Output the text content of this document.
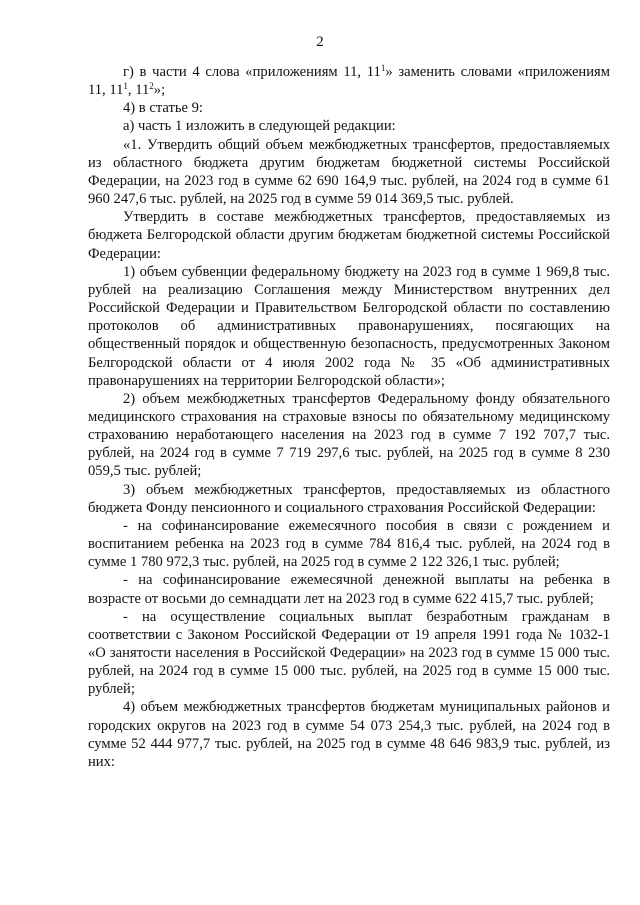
2

г) в части 4 слова «приложениям 11, $11^1$» заменить словами «приложениям 11, $11^1$, $11^2$»;

4) в статье 9:

а) часть 1 изложить в следующей редакции:

«1. Утвердить общий объем межбюджетных трансфертов, предоставляемых из областного бюджета другим бюджетам бюджетной системы Российской Федерации, на 2023 год в сумме 62 690 164,9 тыс. рублей, на 2024 год в сумме 61 960 247,6 тыс. рублей, на 2025 год в сумме 59 014 369,5 тыс. рублей.

Утвердить в составе межбюджетных трансфертов, предоставляемых из бюджета Белгородской области другим бюджетам бюджетной системы Российской Федерации:

1) объем субвенции федеральному бюджету на 2023 год в сумме 1 969,8 тыс. рублей на реализацию Соглашения между Министерством внутренних дел Российской Федерации и Правительством Белгородской области по составлению протоколов об административных правонарушениях, посягающих на общественный порядок и общественную безопасность, предусмотренных Законом Белгородской области от 4 июля 2002 года № 35 «Об административных правонарушениях на территории Белгородской области»;

2) объем межбюджетных трансфертов Федеральному фонду обязательного медицинского страхования на страховые взносы по обязательному медицинскому страхованию неработающего населения на 2023 год в сумме 7 192 707,7 тыс. рублей, на 2024 год в сумме 7 719 297,6 тыс. рублей, на 2025 год в сумме 8 230 059,5 тыс. рублей;

3) объем межбюджетных трансфертов, предоставляемых из областного бюджета Фонду пенсионного и социального страхования Российской Федерации:

- на софинансирование ежемесячного пособия в связи с рождением и воспитанием ребенка на 2023 год в сумме 784 816,4 тыс. рублей, на 2024 год в сумме 1 780 972,3 тыс. рублей, на 2025 год в сумме 2 122 326,1 тыс. рублей;

- на софинансирование ежемесячной денежной выплаты на ребенка в возрасте от восьми до семнадцати лет на 2023 год в сумме 622 415,7 тыс. рублей;

- на осуществление социальных выплат безработным гражданам в соответствии с Законом Российской Федерации от 19 апреля 1991 года № 1032-1 «О занятости населения в Российской Федерации» на 2023 год в сумме 15 000 тыс. рублей, на 2024 год в сумме 15 000 тыс. рублей, на 2025 год в сумме 15 000 тыс. рублей;

4) объем межбюджетных трансфертов бюджетам муниципальных районов и городских округов на 2023 год в сумме 54 073 254,3 тыс. рублей, на 2024 год в сумме 52 444 977,7 тыс. рублей, на 2025 год в сумме 48 646 983,9 тыс. рублей, из них:
